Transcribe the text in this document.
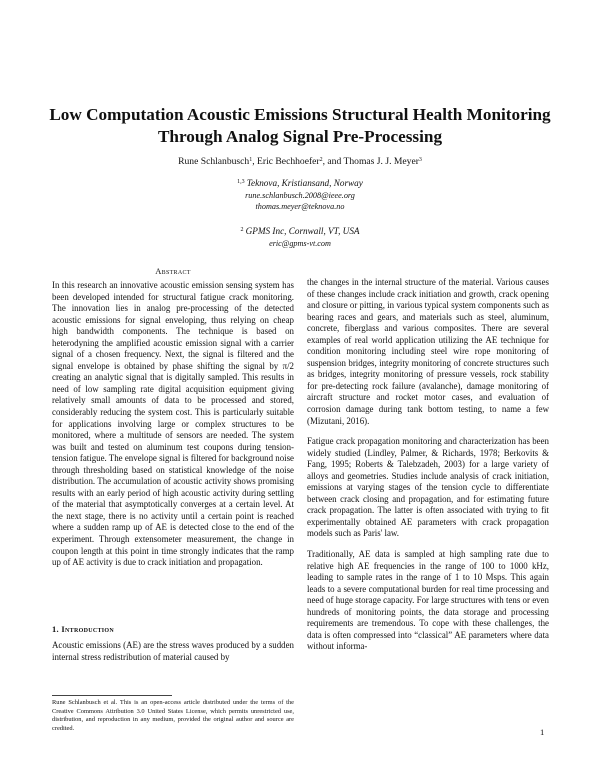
Low Computation Acoustic Emissions Structural Health Monitoring
Through Analog Signal Pre-Processing
Rune Schlanbusch$^1$, Eric Bechhoefer$^2$, and Thomas J. J. Meyer$^3$
$^{1,3}$ Teknova, Kristiansand, Norway
rune.schlanbusch.2008@ieee.org
thomas.meyer@teknova.no
$^2$ GPMS Inc, Cornwall, VT, USA
eric@gpms-vt.com
Abstract

In this research an innovative acoustic emission sensing system has been developed intended for structural fatigue crack monitoring. The innovation lies in analog pre-processing of the detected acoustic emissions for signal enveloping, thus relying on cheap high bandwidth components. The technique is based on heterodyning the amplified acoustic emission signal with a carrier signal of a chosen frequency. Next, the signal is filtered and the signal envelope is obtained by phase shifting the signal by π/2 creating an analytic signal that is digitally sampled. This results in need of low sampling rate digital acquisition equipment giving relatively small amounts of data to be processed and stored, considerably reducing the system cost. This is particularly suitable for applications involving large or complex structures to be monitored, where a multitude of sensors are needed. The system was built and tested on aluminum test coupons during tension-tension fatigue. The envelope signal is filtered for background noise through thresholding based on statistical knowledge of the noise distribution. The accumulation of acoustic activity shows promising results with an early period of high acoustic activity during settling of the material that asymptotically converges at a certain level. At the next stage, there is no activity until a certain point is reached where a sudden ramp up of AE is detected close to the end of the experiment. Through extensometer measurement, the change in coupon length at this point in time strongly indicates that the ramp up of AE activity is due to crack initiation and propagation.

1. Introduction

Acoustic emissions (AE) are the stress waves produced by a sudden internal stress redistribution of material caused by

Rune Schlanbusch et al. This is an open-access article distributed under the terms of the Creative Commons Attribution 3.0 United States License, which permits unrestricted use, distribution, and reproduction in any medium, provided the original author and source are credited.

the changes in the internal structure of the material. Various causes of these changes include crack initiation and growth, crack opening and closure or pitting, in various typical system components such as bearing races and gears, and materials such as steel, aluminum, concrete, fiberglass and various composites. There are several examples of real world application utilizing the AE technique for condition monitoring including steel wire rope monitoring of suspension bridges, integrity monitoring of concrete structures such as bridges, integrity monitoring of pressure vessels, rock stability for pre-detecting rock failure (avalanche), damage monitoring of aircraft structure and rocket motor cases, and evaluation of corrosion damage during tank bottom testing, to name a few (Mizutani, 2016).

Fatigue crack propagation monitoring and characterization has been widely studied (Lindley, Palmer, & Richards, 1978; Berkovits & Fang, 1995; Roberts & Talebzadeh, 2003) for a large variety of alloys and geometries. Studies include analysis of crack initiation, emissions at varying stages of the tension cycle to differentiate between crack closing and propagation, and for estimating future crack propagation. The latter is often associated with trying to fit experimentally obtained AE parameters with crack propagation models such as Paris' law.

Traditionally, AE data is sampled at high sampling rate due to relative high AE frequencies in the range of 100 to 1000 kHz, leading to sample rates in the range of 1 to 10 Msps. This again leads to a severe computational burden for real time processing and need of huge storage capacity. For large structures with tens or even hundreds of monitoring points, the data storage and processing requirements are tremendous. To cope with these challenges, the data is often compressed into “classical” AE parameters where data without informa-

1
